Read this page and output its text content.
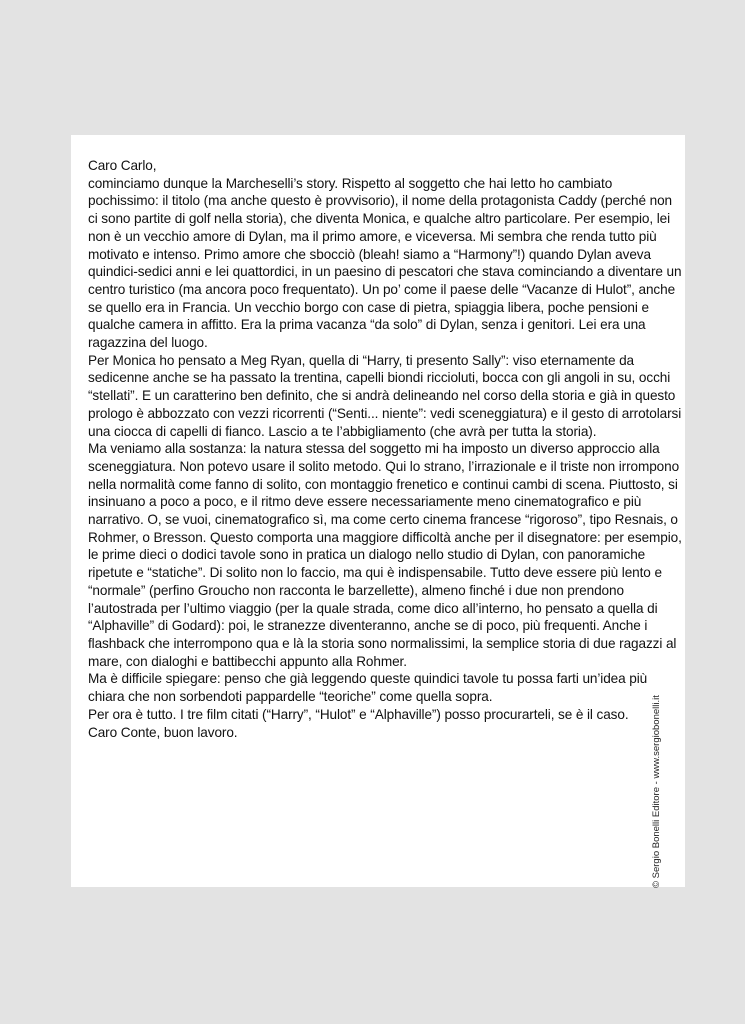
Caro Carlo,

cominciamo dunque la Marcheselli’s story. Rispetto al soggetto che hai letto ho cambiato pochissimo: il titolo (ma anche questo è provvisorio), il nome della protagonista Caddy (perché non ci sono partite di golf nella storia), che diventa Monica, e qualche altro particolare. Per esempio, lei non è un vecchio amore di Dylan, ma il primo amore, e viceversa. Mi sembra che renda tutto più motivato e intenso. Primo amore che sbocciò (bleah! siamo a “Harmony”!) quando Dylan aveva quindici-sedici anni e lei quattordici, in un paesino di pescatori che stava cominciando a diventare un centro turistico (ma ancora poco frequentato). Un po’ come il paese delle “Vacanze di Hulot”, anche se quello era in Francia. Un vecchio borgo con case di pietra, spiaggia libera, poche pensioni e qualche camera in affitto. Era la prima vacanza “da solo” di Dylan, senza i genitori. Lei era una ragazzina del luogo.

Per Monica ho pensato a Meg Ryan, quella di “Harry, ti presento Sally”: viso eternamente da sedicenne anche se ha passato la trentina, capelli biondi riccioluti, bocca con gli angoli in su, occhi “stellati”. E un caratterino ben definito, che si andrà delineando nel corso della storia e già in questo prologo è abbozzato con vezzi ricorrenti (“Senti... niente”: vedi sceneggiatura) e il gesto di arrotolarsi una ciocca di capelli di fianco. Lascio a te l’abbigliamento (che avrà per tutta la storia).

Ma veniamo alla sostanza: la natura stessa del soggetto mi ha imposto un diverso approccio alla sceneggiatura. Non potevo usare il solito metodo. Qui lo strano, l’irrazionale e il triste non irrompono nella normalità come fanno di solito, con montaggio frenetico e continui cambi di scena. Piuttosto, si insinuano a poco a poco, e il ritmo deve essere necessariamente meno cinematografico e più narrativo. O, se vuoi, cinematografico sì, ma come certo cinema francese “rigoroso”, tipo Resnais, o Rohmer, o Bresson. Questo comporta una maggiore difficoltà anche per il disegnatore: per esempio, le prime dieci o dodici tavole sono in pratica un dialogo nello studio di Dylan, con panoramiche ripetute e “statiche”. Di solito non lo faccio, ma qui è indispensabile. Tutto deve essere più lento e “normale” (perfino Groucho non racconta le barzellette), almeno finché i due non prendono l’autostrada per l’ultimo viaggio (per la quale strada, come dico all’interno, ho pensato a quella di “Alphaville” di Godard): poi, le stranezze diventeranno, anche se di poco, più frequenti. Anche i flashback che interrompono qua e là la storia sono normalissimi, la semplice storia di due ragazzi al mare, con dialoghi e battibecchi appunto alla Rohmer.

Ma è difficile spiegare: penso che già leggendo queste quindici tavole tu possa farti un’idea più chiara che non sorbendoti pappardelle “teoriche” come quella sopra.

Per ora è tutto. I tre film citati (“Harry”, “Hulot” e “Alphaville”) posso procurarteli, se è il caso.

Caro Conte, buon lavoro.	© Sergio Bonelli Editore - www.sergiobonelli.it
